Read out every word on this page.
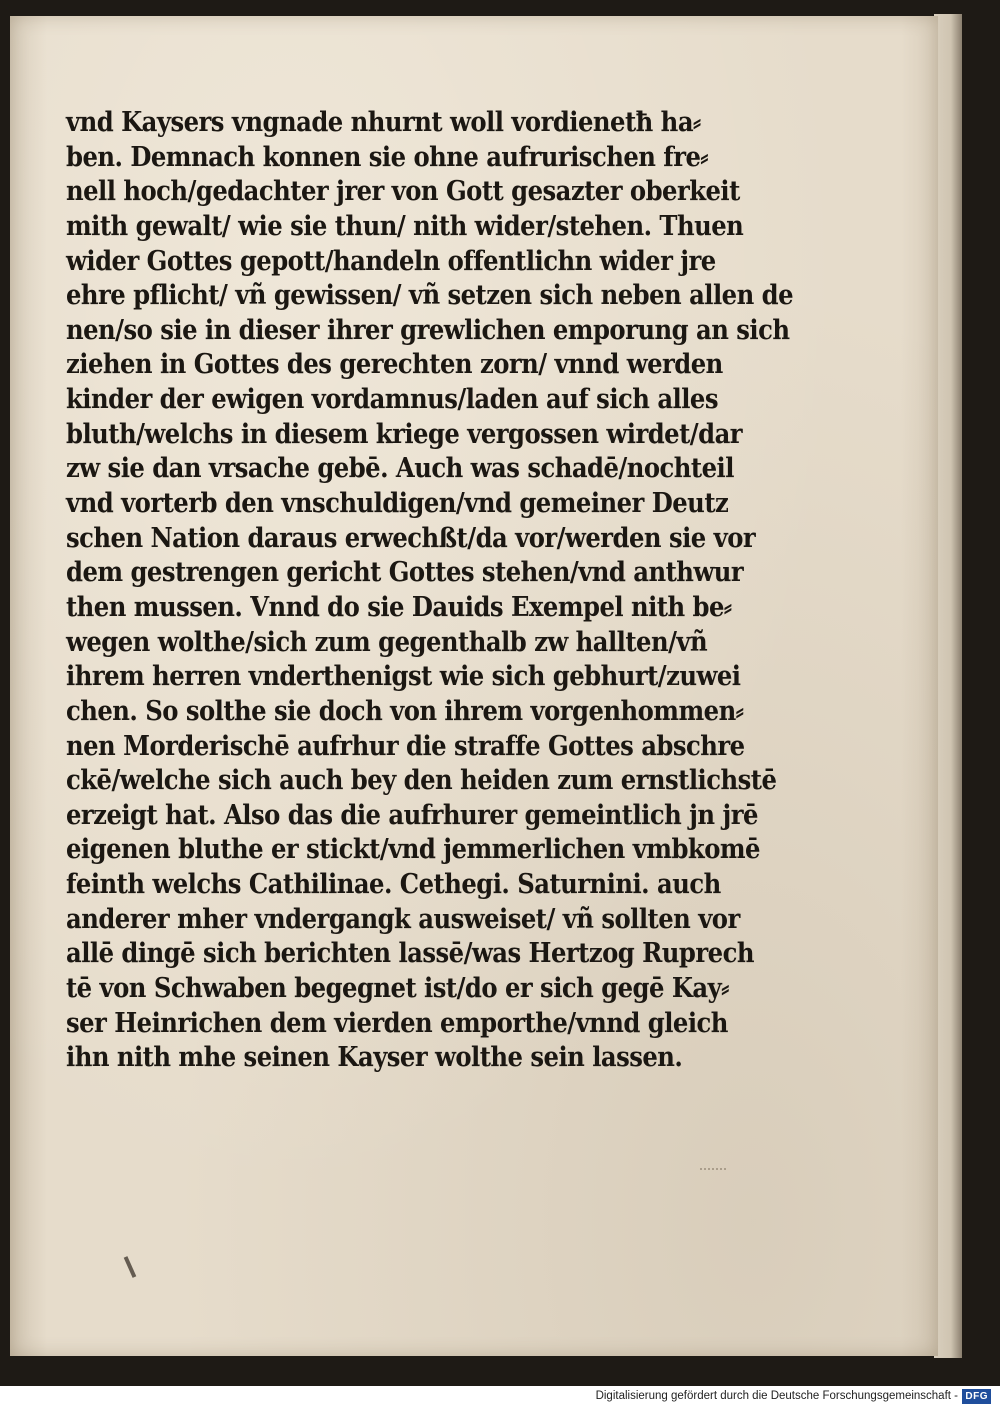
vnd Kaysers vngnade nhurnt woll vordienetħ ha⸗
ben. Demnach konnen sie ohne aufrurischen fre⸗
nell hoch/gedachter jrer von Gott gesazter oberkeit
mith gewalt/ wie sie thun/ nith wider/stehen. Thuen
wider Gottes gepott/handeln offentlichn wider jre
ehre pflicht/ vñ gewissen/ vñ setzen sich neben allen de
nen/so sie in dieser ihrer grewlichen emporung an sich
ziehen in Gottes des gerechten zorn/ vnnd werden
kinder der ewigen vordamnus/laden auf sich alles
bluth/welchs in diesem kriege vergossen wirdet/dar
zw sie dan vrsache gebē. Auch was schadē/nochteil
vnd vorterb den vnschuldigen/vnd gemeiner Deutz
schen Nation daraus erwechßt/da vor/werden sie vor
dem gestrengen gericht Gottes stehen/vnd anthwur
then mussen. Vnnd do sie Dauids Exempel nith be⸗
wegen wolthe/sich zum gegenthalb zw hallten/vñ
ihrem herren vnderthenigst wie sich gebhurt/zuwei
chen. So solthe sie doch von ihrem vorgenhommen⸗
nen Morderischē aufrhur die straffe Gottes abschre
ckē/welche sich auch bey den heiden zum ernstlichstē
erzeigt hat. Also das die aufrhurer gemeintlich jn jrē
eigenen bluthe er stickt/vnd jemmerlichen vmbkomē
feinth welchs Cathilinae. Cethegi. Saturnini. auch
anderer mher vndergangk ausweiset/ vñ sollten vor
allē dingē sich berichten lassē/was Hertzog Ruprech
tē von Schwaben begegnet ist/do er sich gegē Kay⸗
ser Heinrichen dem vierden emporthe/vnnd gleich
ihn nith mhe seinen Kayser wolthe sein lassen.
Digitalisierung gefördert durch die Deutsche Forschungsgemeinschaft - DFG
